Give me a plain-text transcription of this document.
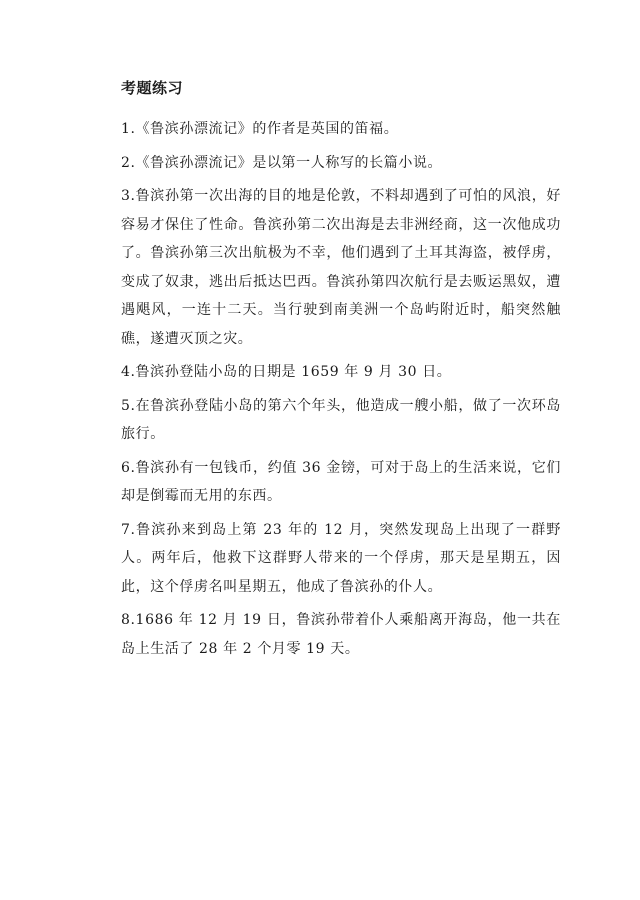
考题练习

1.《鲁滨孙漂流记》的作者是英国的笛福。

2.《鲁滨孙漂流记》是以第一人称写的长篇小说。

3.鲁滨孙第一次出海的目的地是伦敦，不料却遇到了可怕的风浪，好容易才保住了性命。鲁滨孙第二次出海是去非洲经商，这一次他成功了。鲁滨孙第三次出航极为不幸，他们遇到了土耳其海盗，被俘虏，变成了奴隶，逃出后抵达巴西。鲁滨孙第四次航行是去贩运黑奴，遭遇飓风，一连十二天。当行驶到南美洲一个岛屿附近时，船突然触礁，遂遭灭顶之灾。

4.鲁滨孙登陆小岛的日期是 1659 年 9 月 30 日。

5.在鲁滨孙登陆小岛的第六个年头，他造成一艘小船，做了一次环岛旅行。

6.鲁滨孙有一包钱币，约值 36 金镑，可对于岛上的生活来说，它们却是倒霉而无用的东西。

7.鲁滨孙来到岛上第 23 年的 12 月，突然发现岛上出现了一群野人。两年后，他救下这群野人带来的一个俘虏，那天是星期五，因此，这个俘虏名叫星期五，他成了鲁滨孙的仆人。

8.1686 年 12 月 19 日，鲁滨孙带着仆人乘船离开海岛，他一共在岛上生活了 28 年 2 个月零 19 天。
